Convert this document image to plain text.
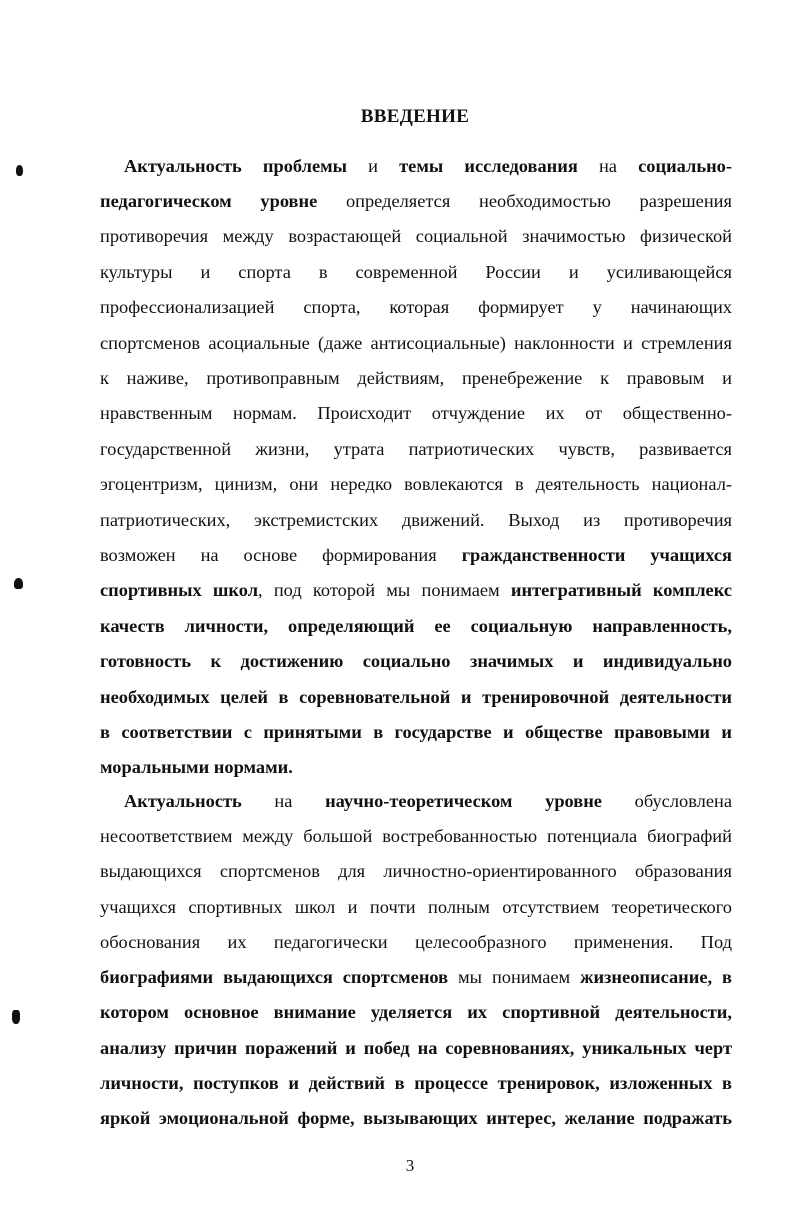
ВВЕДЕНИЕ
Актуальность проблемы и темы исследования на социально-
педагогическом уровне определяется необходимостью разрешения
противоречия между возрастающей социальной значимостью физической
культуры и спорта в современной России и усиливающейся
профессионализацией спорта, которая формирует у начинающих
спортсменов асоциальные (даже антисоциальные) наклонности и стремления
к наживе, противоправным действиям, пренебрежение к правовым и
нравственным нормам. Происходит отчуждение их от общественно-
государственной жизни, утрата патриотических чувств, развивается
эгоцентризм, цинизм, они нередко вовлекаются в деятельность национал-
патриотических, экстремистских движений. Выход из противоречия
возможен на основе формирования гражданственности учащихся
спортивных школ, под которой мы понимаем интегративный комплекс
качеств личности, определяющий ее социальную направленность,
готовность к достижению социально значимых и индивидуально
необходимых целей в соревновательной и тренировочной деятельности
в соответствии с принятыми в государстве и обществе правовыми и
моральными нормами.
Актуальность на научно-теоретическом уровне обусловлена
несоответствием между большой востребованностью потенциала биографий
выдающихся спортсменов для личностно-ориентированного образования
учащихся спортивных школ и почти полным отсутствием теоретического
обоснования их педагогически целесообразного применения. Под
биографиями выдающихся спортсменов мы понимаем жизнеописание, в
котором основное внимание уделяется их спортивной деятельности,
анализу причин поражений и побед на соревнованиях, уникальных черт
личности, поступков и действий в процессе тренировок, изложенных в
яркой эмоциональной форме, вызывающих интерес, желание подражать
3
